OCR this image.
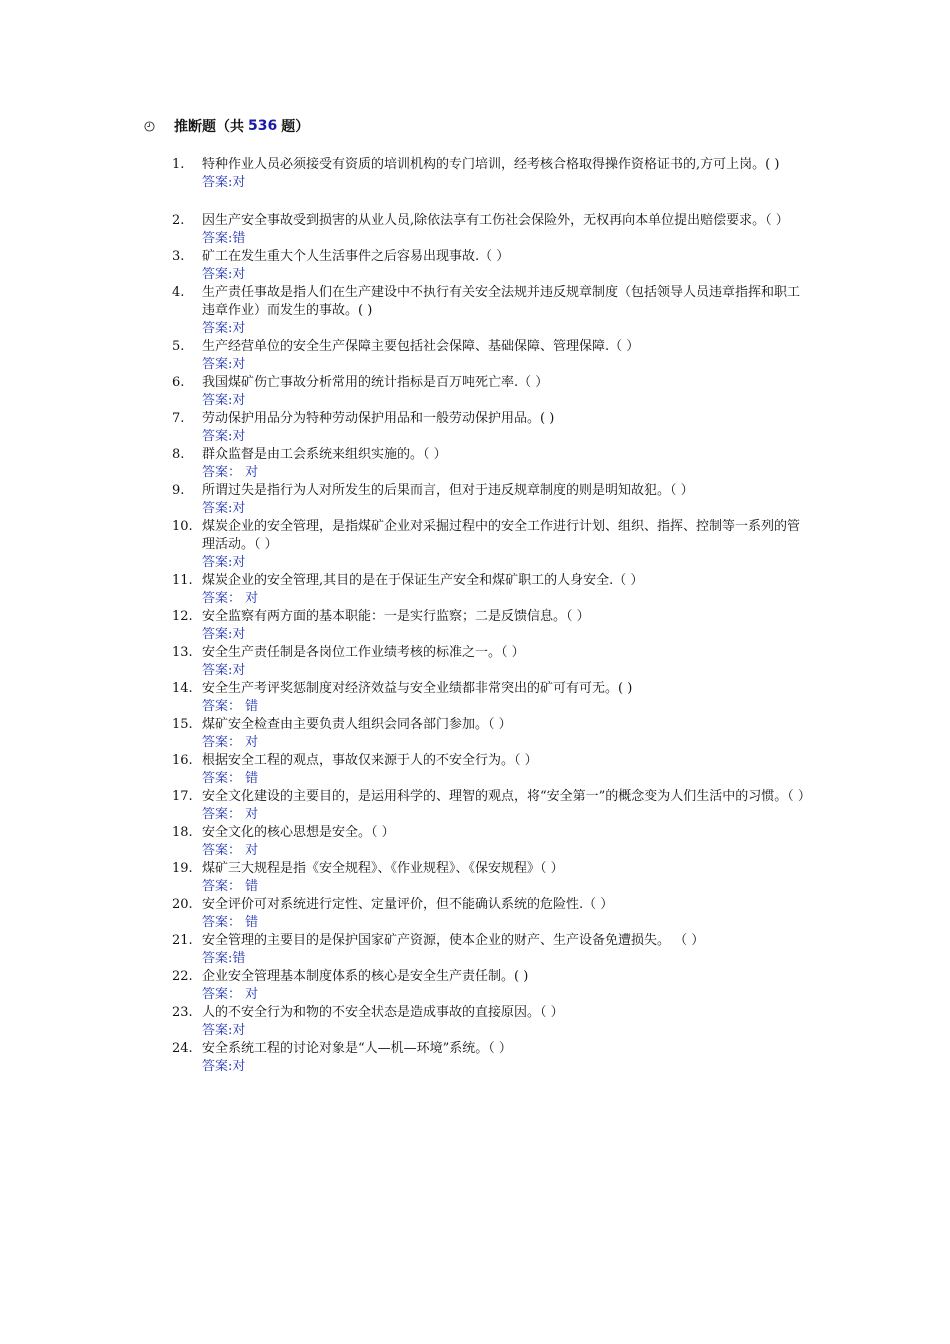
推断题（共 536 题）
1.	特种作业人员必须接受有资质的培训机构的专门培训，经考核合格取得操作资格证书的,方可上岗。( )
答案:对
2.	因生产安全事故受到损害的从业人员,除依法享有工伤社会保险外，无权再向本单位提出赔偿要求。（ ）
答案:错
3.	矿工在发生重大个人生活事件之后容易出现事故.（ ）
答案:对
4.	生产责任事故是指人们在生产建设中不执行有关安全法规并违反规章制度（包括领导人员违章指挥和职工违章作业）而发生的事故。( )
答案:对
5.	生产经营单位的安全生产保障主要包括社会保障、基础保障、管理保障.（ ）
答案:对
6.	我国煤矿伤亡事故分析常用的统计指标是百万吨死亡率.（ ）
答案:对
7.	劳动保护用品分为特种劳动保护用品和一般劳动保护用品。( )
答案:对
8.	群众监督是由工会系统来组织实施的。（ ）
答案： 对
9.	所谓过失是指行为人对所发生的后果而言，但对于违反规章制度的则是明知故犯。（ ）
答案:对
10. 煤炭企业的安全管理，是指煤矿企业对采掘过程中的安全工作进行计划、组织、指挥、控制等一系列的管理活动。（ ）
答案:对
11. 煤炭企业的安全管理,其目的是在于保证生产安全和煤矿职工的人身安全.（ ）
答案： 对
12. 安全监察有两方面的基本职能：一是实行监察；二是反馈信息。（ ）
答案:对
13. 安全生产责任制是各岗位工作业绩考核的标准之一。（ ）
答案:对
14. 安全生产考评奖惩制度对经济效益与安全业绩都非常突出的矿可有可无。( )
答案： 错
15. 煤矿安全检查由主要负责人组织会同各部门参加。（ ）
答案： 对
16. 根据安全工程的观点，事故仅来源于人的不安全行为。（ ）
答案： 错
17. 安全文化建设的主要目的，是运用科学的、理智的观点，将“安全第一”的概念变为人们生活中的习惯。（ ）
答案： 对
18. 安全文化的核心思想是安全。（ ）
答案： 对
19. 煤矿三大规程是指《安全规程》、《作业规程》、《保安规程》（ ）
答案： 错
20. 安全评价可对系统进行定性、定量评价，但不能确认系统的危险性.（ ）
答案： 错
21. 安全管理的主要目的是保护国家矿产资源，使本企业的财产、生产设备免遭损失。 （ ）
答案:错
22. 企业安全管理基本制度体系的核心是安全生产责任制。( )
答案： 对
23. 人的不安全行为和物的不安全状态是造成事故的直接原因。（ ）
答案:对
24. 安全系统工程的讨论对象是“人—机—环境”系统。（ ）
答案:对
